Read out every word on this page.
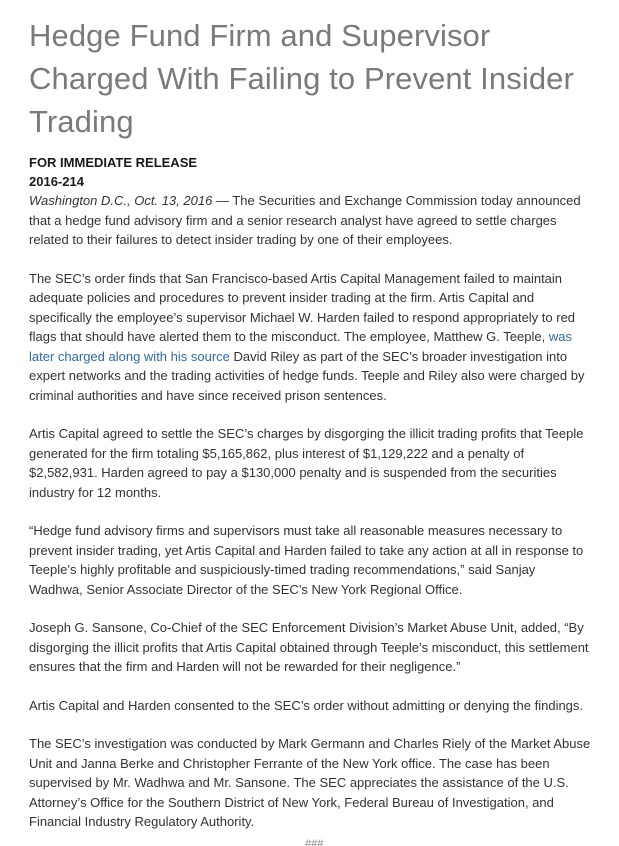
Hedge Fund Firm and Supervisor Charged With Failing to Prevent Insider Trading
FOR IMMEDIATE RELEASE
2016-214

Washington D.C., Oct. 13, 2016 — The Securities and Exchange Commission today announced that a hedge fund advisory firm and a senior research analyst have agreed to settle charges related to their failures to detect insider trading by one of their employees.

The SEC’s order finds that San Francisco-based Artis Capital Management failed to maintain adequate policies and procedures to prevent insider trading at the firm. Artis Capital and specifically the employee’s supervisor Michael W. Harden failed to respond appropriately to red flags that should have alerted them to the misconduct. The employee, Matthew G. Teeple, was later charged along with his source David Riley as part of the SEC’s broader investigation into expert networks and the trading activities of hedge funds. Teeple and Riley also were charged by criminal authorities and have since received prison sentences.

Artis Capital agreed to settle the SEC’s charges by disgorging the illicit trading profits that Teeple generated for the firm totaling $5,165,862, plus interest of $1,129,222 and a penalty of $2,582,931. Harden agreed to pay a $130,000 penalty and is suspended from the securities industry for 12 months.

“Hedge fund advisory firms and supervisors must take all reasonable measures necessary to prevent insider trading, yet Artis Capital and Harden failed to take any action at all in response to Teeple’s highly profitable and suspiciously-timed trading recommendations,” said Sanjay Wadhwa, Senior Associate Director of the SEC’s New York Regional Office.

Joseph G. Sansone, Co-Chief of the SEC Enforcement Division’s Market Abuse Unit, added, “By disgorging the illicit profits that Artis Capital obtained through Teeple’s misconduct, this settlement ensures that the firm and Harden will not be rewarded for their negligence.”

Artis Capital and Harden consented to the SEC’s order without admitting or denying the findings.

The SEC’s investigation was conducted by Mark Germann and Charles Riely of the Market Abuse Unit and Janna Berke and Christopher Ferrante of the New York office. The case has been supervised by Mr. Wadhwa and Mr. Sansone. The SEC appreciates the assistance of the U.S. Attorney’s Office for the Southern District of New York, Federal Bureau of Investigation, and Financial Industry Regulatory Authority.

###
